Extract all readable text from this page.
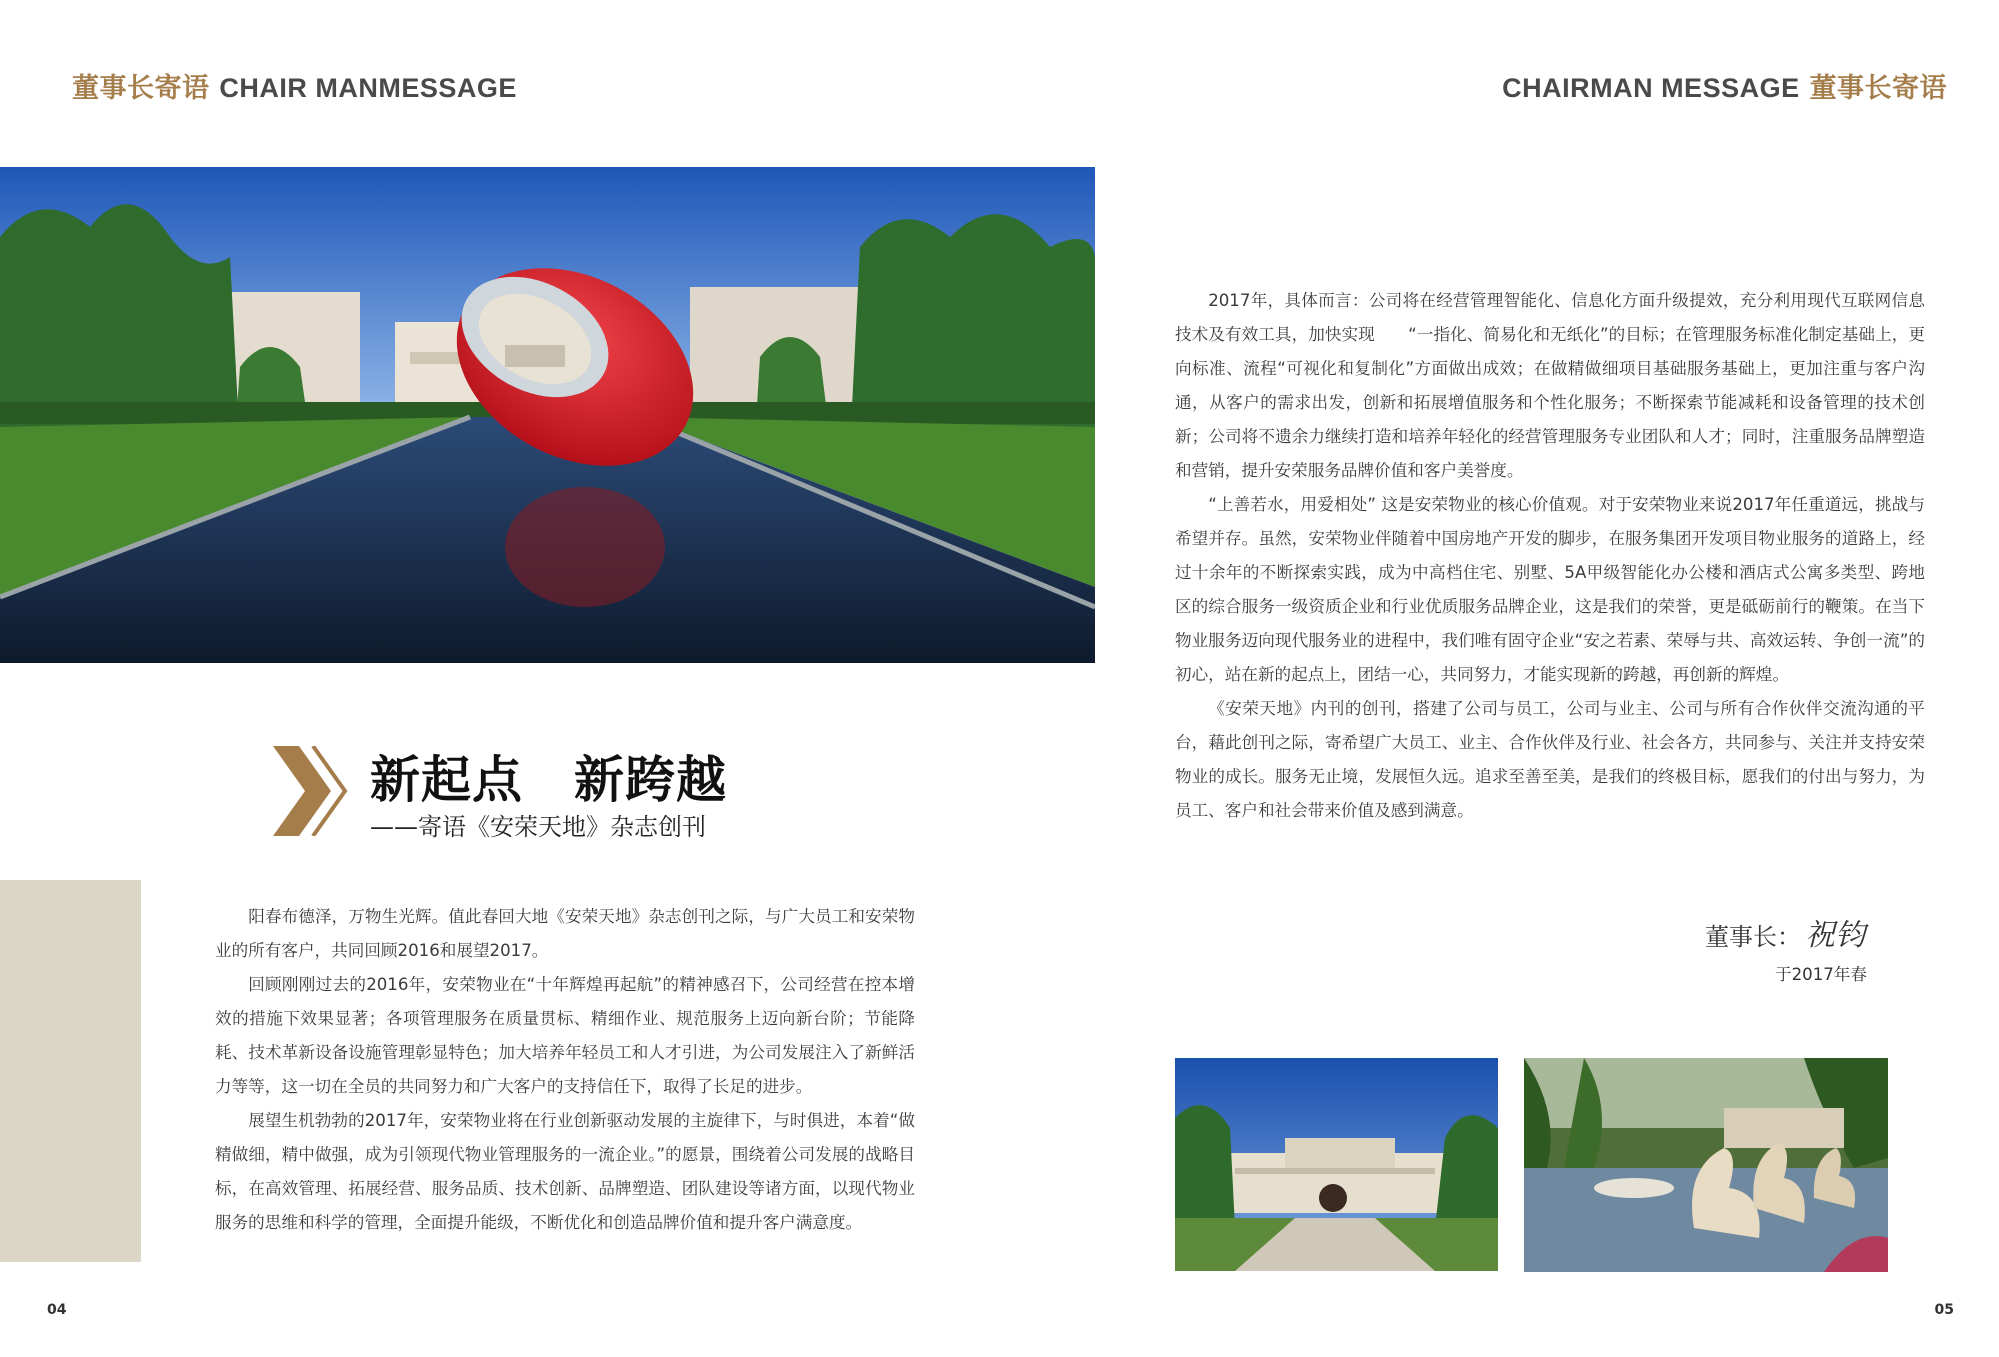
董事长寄语 CHAIR MANMESSAGE	CHAIRMAN MESSAGE 董事长寄语
新起点　新跨越
——寄语《安荣天地》杂志创刊

阳春布德泽，万物生光辉。值此春回大地《安荣天地》杂志创刊之际，与广大员工和安荣物业的所有客户，共同回顾2016和展望2017。

回顾刚刚过去的2016年，安荣物业在“十年辉煌再起航”的精神感召下，公司经营在控本增效的措施下效果显著；各项管理服务在质量贯标、精细作业、规范服务上迈向新台阶；节能降耗、技术革新设备设施管理彰显特色；加大培养年轻员工和人才引进，为公司发展注入了新鲜活力等等，这一切在全员的共同努力和广大客户的支持信任下，取得了长足的进步。

展望生机勃勃的2017年，安荣物业将在行业创新驱动发展的主旋律下，与时俱进，本着“做精做细，精中做强，成为引领现代物业管理服务的一流企业。”的愿景，围绕着公司发展的战略目标，在高效管理、拓展经营、服务品质、技术创新、品牌塑造、团队建设等诸方面，以现代物业服务的思维和科学的管理，全面提升能级，不断优化和创造品牌价值和提升客户满意度。

2017年，具体而言：公司将在经营管理智能化、信息化方面升级提效，充分利用现代互联网信息技术及有效工具，加快实现　　“一指化、简易化和无纸化”的目标；在管理服务标准化制定基础上，更向标准、流程“可视化和复制化”方面做出成效；在做精做细项目基础服务基础上，更加注重与客户沟通，从客户的需求出发，创新和拓展增值服务和个性化服务；不断探索节能减耗和设备管理的技术创新；公司将不遗余力继续打造和培养年轻化的经营管理服务专业团队和人才；同时，注重服务品牌塑造和营销，提升安荣服务品牌价值和客户美誉度。

“上善若水，用爱相处” 这是安荣物业的核心价值观。对于安荣物业来说2017年任重道远，挑战与希望并存。虽然，安荣物业伴随着中国房地产开发的脚步，在服务集团开发项目物业服务的道路上，经过十余年的不断探索实践，成为中高档住宅、别墅、5A甲级智能化办公楼和酒店式公寓多类型、跨地区的综合服务一级资质企业和行业优质服务品牌企业，这是我们的荣誉，更是砥砺前行的鞭策。在当下物业服务迈向现代服务业的进程中，我们唯有固守企业“安之若素、荣辱与共、高效运转、争创一流”的初心，站在新的起点上，团结一心，共同努力，才能实现新的跨越，再创新的辉煌。

《安荣天地》内刊的创刊，搭建了公司与员工，公司与业主、公司与所有合作伙伴交流沟通的平台，藉此创刊之际，寄希望广大员工、业主、合作伙伴及行业、社会各方，共同参与、关注并支持安荣物业的成长。服务无止境，发展恒久远。追求至善至美，是我们的终极目标，愿我们的付出与努力，为员工、客户和社会带来价值及感到满意。

董事长： 祝钧
于2017年春
04	05
